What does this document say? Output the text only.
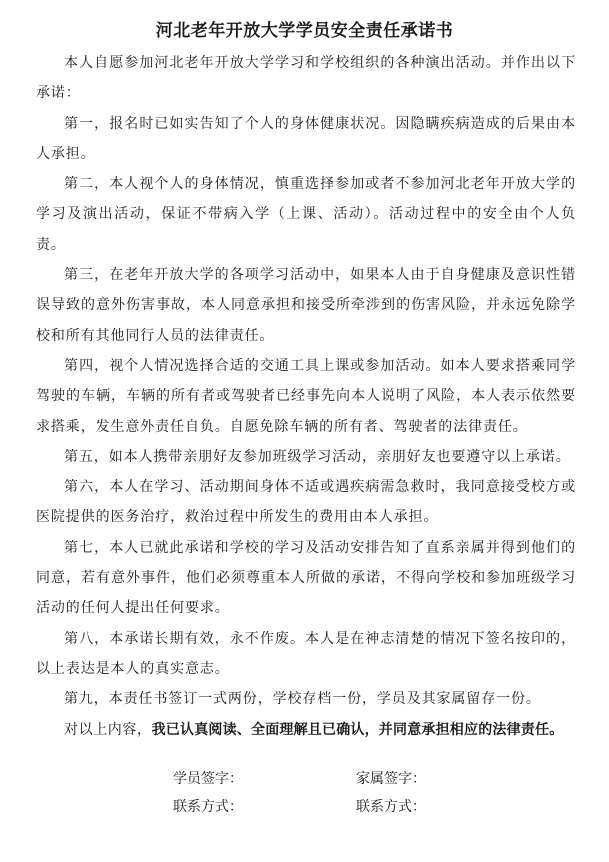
河北老年开放大学学员安全责任承诺书

本人自愿参加河北老年开放大学学习和学校组织的各种演出活动。并作出以下承诺：

第一，报名时已如实告知了个人的身体健康状况。因隐瞒疾病造成的后果由本人承担。

第二，本人视个人的身体情况，慎重选择参加或者不参加河北老年开放大学的学习及演出活动，保证不带病入学（上课、活动）。活动过程中的安全由个人负责。

第三，在老年开放大学的各项学习活动中，如果本人由于自身健康及意识性错误导致的意外伤害事故，本人同意承担和接受所牵涉到的伤害风险，并永远免除学校和所有其他同行人员的法律责任。

第四，视个人情况选择合适的交通工具上课或参加活动。如本人要求搭乘同学驾驶的车辆，车辆的所有者或驾驶者已经事先向本人说明了风险，本人表示依然要求搭乘，发生意外责任自负。自愿免除车辆的所有者、驾驶者的法律责任。

第五，如本人携带亲朋好友参加班级学习活动，亲朋好友也要遵守以上承诺。

第六，本人在学习、活动期间身体不适或遇疾病需急救时，我同意接受校方或医院提供的医务治疗，救治过程中所发生的费用由本人承担。

第七，本人已就此承诺和学校的学习及活动安排告知了直系亲属并得到他们的同意，若有意外事件，他们必须尊重本人所做的承诺，不得向学校和参加班级学习活动的任何人提出任何要求。

第八，本承诺长期有效，永不作废。本人是在神志清楚的情况下签名按印的，以上表达是本人的真实意志。

第九，本责任书签订一式两份，学校存档一份，学员及其家属留存一份。

对以上内容，我已认真阅读、全面理解且已确认，并同意承担相应的法律责任。

学员签字：	家属签字：
联系方式：	联系方式：
